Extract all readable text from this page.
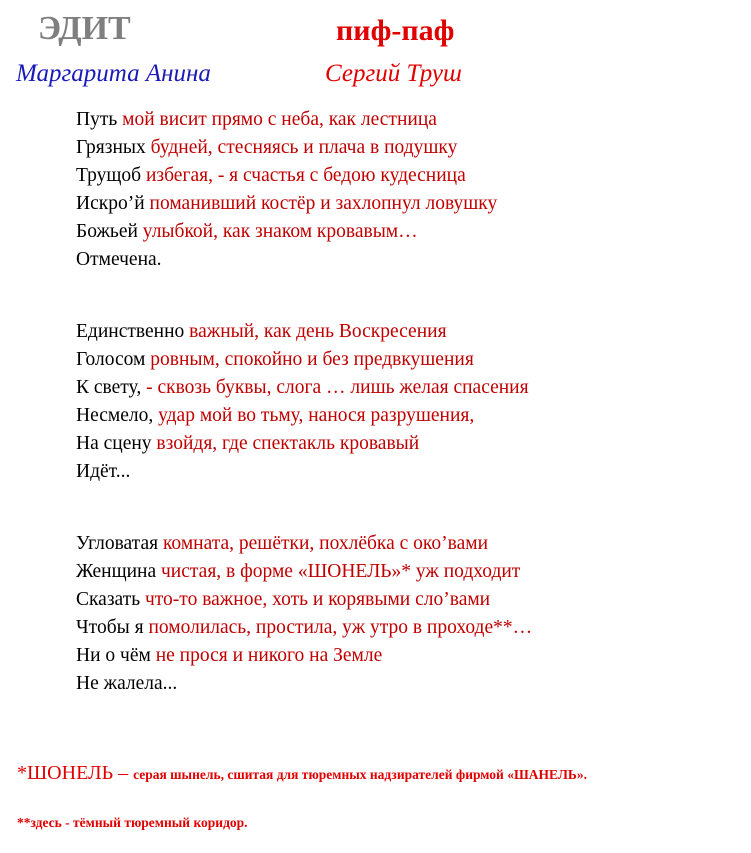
ЭДИТ	пиф-паф
Маргарита Анина	Сергий Труш
Путь мой висит прямо с неба, как лестница
Грязных будней, стесняясь и плача в подушку
Трущоб избегая, - я счастья с бедою кудесница
Искро’й поманивший костёр и захлопнул ловушку
Божьей улыбкой, как знаком кровавым…
Отмечена.
Единственно важный, как день Воскресения
Голосом ровным, спокойно и без предвкушения
К свету, - сквозь буквы, слога … лишь желая спасения
Несмело, удар мой во тьму, нанося разрушения,
На сцену взойдя, где спектакль кровавый
Идёт...
Угловатая комната, решётки, похлёбка с око’вами
Женщина чистая, в форме «ШОНЕЛЬ»* уж подходит
Сказать что-то важное, хоть и корявыми сло’вами
Чтобы я помолилась, простила, уж утро в проходе**…
Ни о чём не прося и никого на Земле
Не жалела...
*ШОНЕЛЬ – серая шынель, сшитая для тюремных надзирателей фирмой «ШАНЕЛЬ».
**здесь - тёмный тюремный коридор.
